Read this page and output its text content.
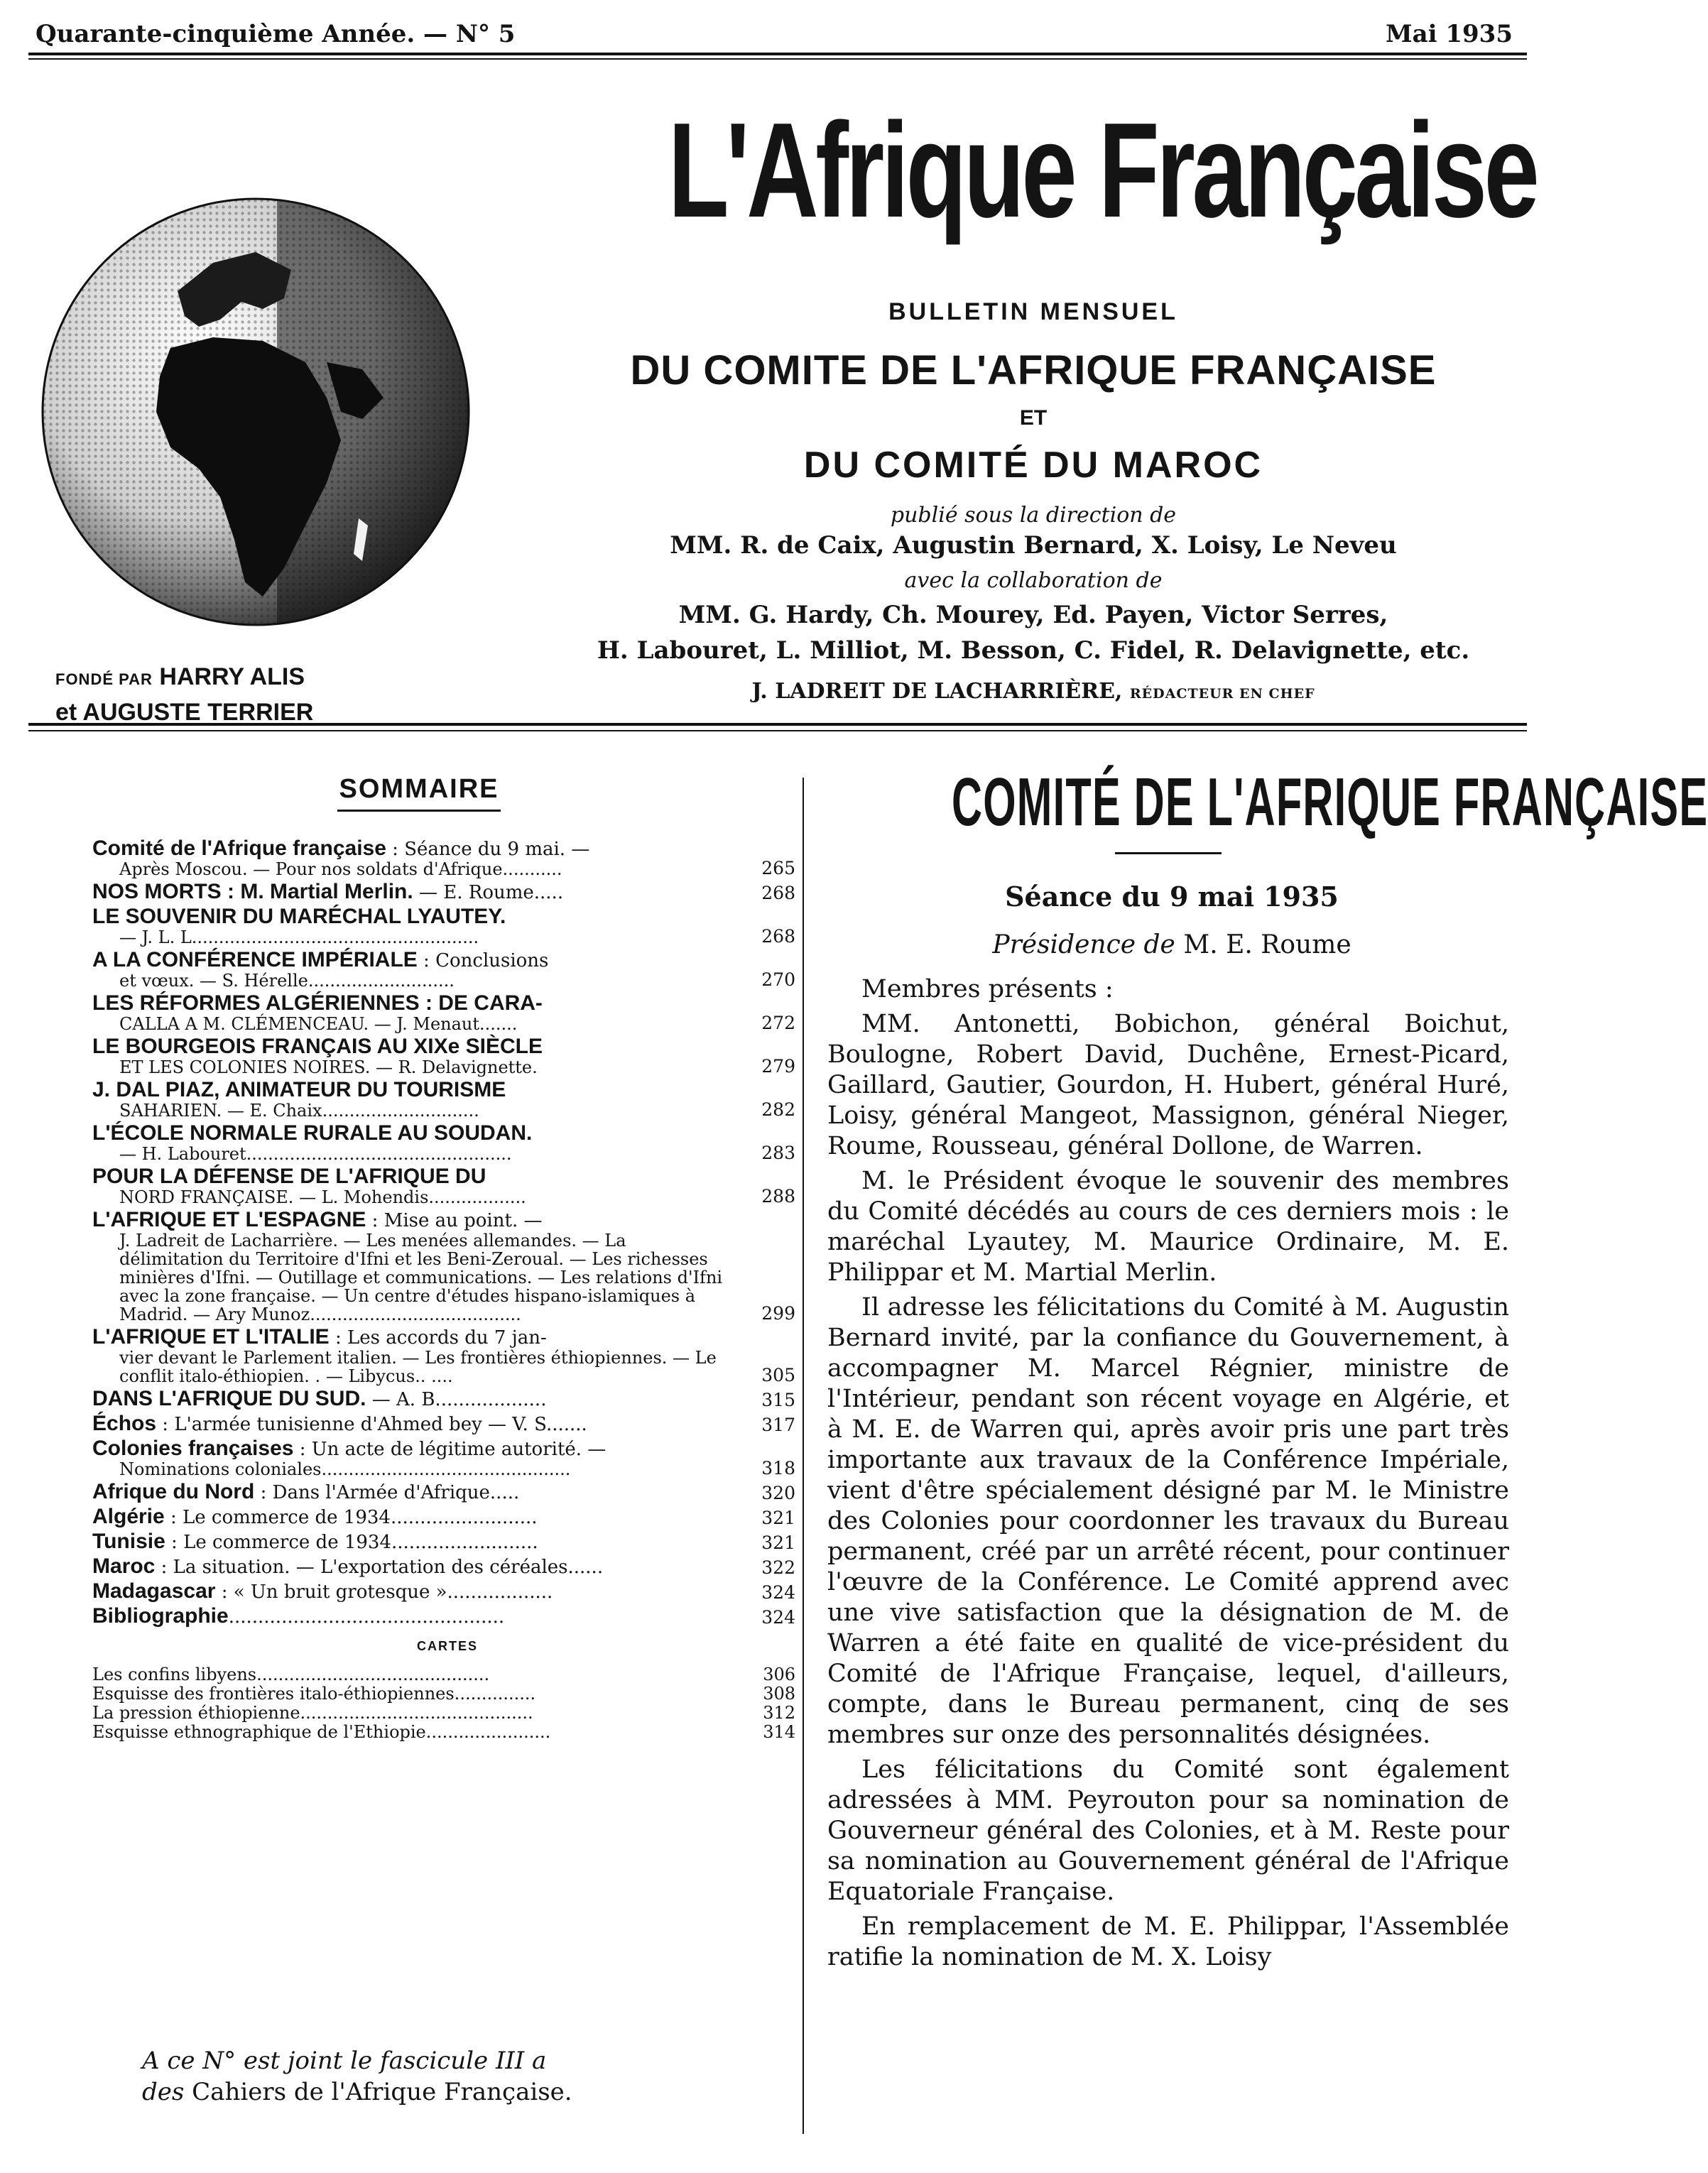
Quarante-cinquième Année. — N° 5	Mai 1935
FONDÉ PAR HARRY ALIS
et AUGUSTE TERRIER
L'Afrique Française
BULLETIN MENSUEL
DU COMITE DE L'AFRIQUE FRANÇAISE
ET
DU COMITÉ DU MAROC
publié sous la direction de
MM. R. de Caix, Augustin Bernard, X. Loisy, Le Neveu
avec la collaboration de
MM. G. Hardy, Ch. Mourey, Ed. Payen, Victor Serres,
H. Labouret, L. Milliot, M. Besson, C. Fidel, R. Delavignette, etc.
J. LADREIT DE LACHARRIÈRE, RÉDACTEUR EN CHEF
SOMMAIRE
Comité de l'Afrique française : Séance du 9 mai. —
Après Moscou. — Pour nos soldats d'Afrique...........	265
NOS MORTS : M. Martial Merlin. — E. Roume.....	268
LE SOUVENIR DU MARÉCHAL LYAUTEY.
— J. L. L.....................................................	268
A LA CONFÉRENCE IMPÉRIALE : Conclusions
et vœux. — S. Hérelle...........................	270
LES RÉFORMES ALGÉRIENNES : DE CARA-
CALLA A M. CLÉMENCEAU. — J. Menaut.......	272
LE BOURGEOIS FRANÇAIS AU XIXe SIÈCLE
ET LES COLONIES NOIRES. — R. Delavignette.	279
J. DAL PIAZ, ANIMATEUR DU TOURISME
SAHARIEN. — E. Chaix.............................	282
L'ÉCOLE NORMALE RURALE AU SOUDAN.
— H. Labouret.................................................	283
POUR LA DÉFENSE DE L'AFRIQUE DU
NORD FRANÇAISE. — L. Mohendis..................	288
L'AFRIQUE ET L'ESPAGNE : Mise au point. —
J. Ladreit de Lacharrière. — Les menées allemandes. — La délimitation du Territoire d'Ifni et les Beni-Zeroual. — Les richesses minières d'Ifni. — Outillage et communications. — Les relations d'Ifni avec la zone française. — Un centre d'études hispano-islamiques à Madrid. — Ary Munoz.......................................	299
L'AFRIQUE ET L'ITALIE : Les accords du 7 jan-
vier devant le Parlement italien. — Les frontières éthiopiennes. — Le conflit italo-éthiopien. . — Libycus.. ....	305
DANS L'AFRIQUE DU SUD. — A. B...................	315
Échos : L'armée tunisienne d'Ahmed bey — V. S.......	317
Colonies françaises : Un acte de légitime autorité. —
Nominations coloniales..............................................	318
Afrique du Nord : Dans l'Armée d'Afrique.....	320
Algérie : Le commerce de 1934.........................	321
Tunisie : Le commerce de 1934.........................	321
Maroc : La situation. — L'exportation des céréales......	322
Madagascar : « Un bruit grotesque »..................	324
Bibliographie...............................................	324
CARTES
Les confins libyens...........................................	306
Esquisse des frontières italo-éthiopiennes...............	308
La pression éthiopienne...........................................	312
Esquisse ethnographique de l'Ethiopie.......................	314
A ce N° est joint le fascicule III a
des Cahiers de l'Afrique Française.
COMITÉ DE L'AFRIQUE FRANÇAISE
Séance du 9 mai 1935
Présidence de M. E. Roume

Membres présents :

MM. Antonetti, Bobichon, général Boichut, Boulogne, Robert David, Duchêne, Ernest-Picard, Gaillard, Gautier, Gourdon, H. Hubert, général Huré, Loisy, général Mangeot, Massignon, général Nieger, Roume, Rousseau, général Dollone, de Warren.

M. le Président évoque le souvenir des membres du Comité décédés au cours de ces derniers mois : le maréchal Lyautey, M. Maurice Ordinaire, M. E. Philippar et M. Martial Merlin.

Il adresse les félicitations du Comité à M. Augustin Bernard invité, par la confiance du Gouvernement, à accompagner M. Marcel Régnier, ministre de l'Intérieur, pendant son récent voyage en Algérie, et à M. E. de Warren qui, après avoir pris une part très importante aux travaux de la Conférence Impériale, vient d'être spécialement désigné par M. le Ministre des Colonies pour coordonner les travaux du Bureau permanent, créé par un arrêté récent, pour continuer l'œuvre de la Conférence. Le Comité apprend avec une vive satisfaction que la désignation de M. de Warren a été faite en qualité de vice-président du Comité de l'Afrique Française, lequel, d'ailleurs, compte, dans le Bureau permanent, cinq de ses membres sur onze des personnalités désignées.

Les félicitations du Comité sont également adressées à MM. Peyrouton pour sa nomination de Gouverneur général des Colonies, et à M. Reste pour sa nomination au Gouvernement général de l'Afrique Equatoriale Française.

En remplacement de M. E. Philippar, l'Assemblée ratifie la nomination de M. X. Loisy
